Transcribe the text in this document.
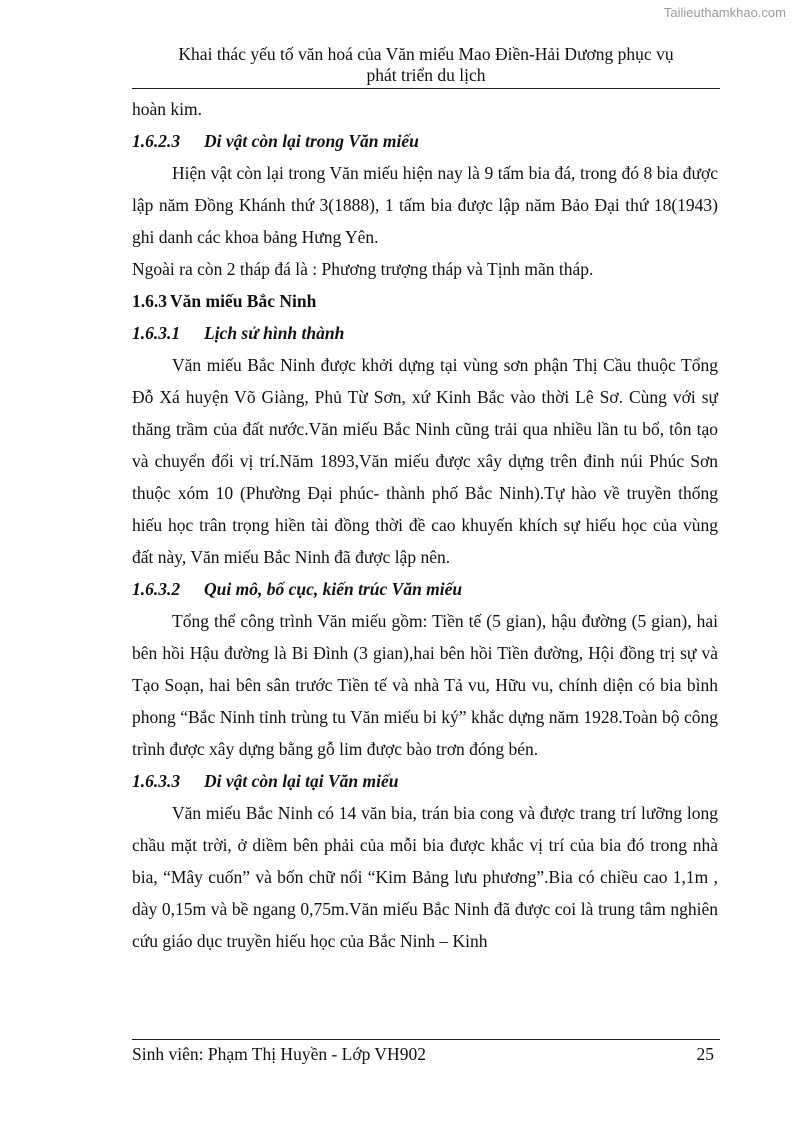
Tailieuthamkhao.com
Khai thác yếu tố văn hoá của Văn miếu Mao Điền-Hải Dương phục vụ
phát triển du lịch

hoàn kim.

1.6.2.3 Di vật còn lại trong Văn miếu

Hiện vật còn lại trong Văn miếu hiện nay là 9 tấm bia đá, trong đó 8 bia được lập năm Đồng Khánh thứ 3(1888), 1 tấm bia được lập năm Bảo Đại thứ 18(1943) ghi danh các khoa bảng Hưng Yên.

Ngoài ra còn 2 tháp đá là : Phương trượng tháp và Tịnh mãn tháp.

1.6.3 Văn miếu Bắc Ninh

1.6.3.1 Lịch sử hình thành

Văn miếu Bắc Ninh được khởi dựng tại vùng sơn phận Thị Cầu thuộc Tổng Đỗ Xá huyện Võ Giàng, Phủ Từ Sơn, xứ Kinh Bắc vào thời Lê Sơ. Cùng với sự thăng trầm của đất nước.Văn miếu Bắc Ninh cũng trải qua nhiều lần tu bổ, tôn tạo và chuyển đổi vị trí.Năm 1893,Văn miếu được xây dựng trên đỉnh núi Phúc Sơn thuộc xóm 10 (Phường Đại phúc- thành phố Bắc Ninh).Tự hào về truyền thống hiếu học trân trọng hiền tài đồng thời đề cao khuyến khích sự hiếu học của vùng đất này, Văn miếu Bắc Ninh đã được lập nên.

1.6.3.2 Qui mô, bố cục, kiến trúc Văn miếu

Tổng thể công trình Văn miếu gồm: Tiền tế (5 gian), hậu đường (5 gian), hai bên hồi Hậu đường là Bi Đình (3 gian),hai bên hồi Tiền đường, Hội đồng trị sự và Tạo Soạn, hai bên sân trước Tiền tế và nhà Tả vu, Hữu vu, chính diện có bia bình phong “Bắc Ninh tỉnh trùng tu Văn miếu bi ký” khắc dựng năm 1928.Toàn bộ công trình được xây dựng bằng gỗ lim được bào trơn đóng bén.

1.6.3.3 Di vật còn lại tại Văn miếu

Văn miếu Bắc Ninh có 14 văn bia, trán bia cong và được trang trí lưỡng long chầu mặt trời, ở diềm bên phải của mỗi bia được khắc vị trí của bia đó trong nhà bia, “Mây cuốn” và bốn chữ nổi “Kim Bảng lưu phương”.Bia có chiều cao 1,1m , dày 0,15m và bề ngang 0,75m.Văn miếu Bắc Ninh đã được coi là trung tâm nghiên cứu giáo dục truyền hiếu học của Bắc Ninh – Kinh

Sinh viên: Phạm Thị Huyền - Lớp VH902	25
